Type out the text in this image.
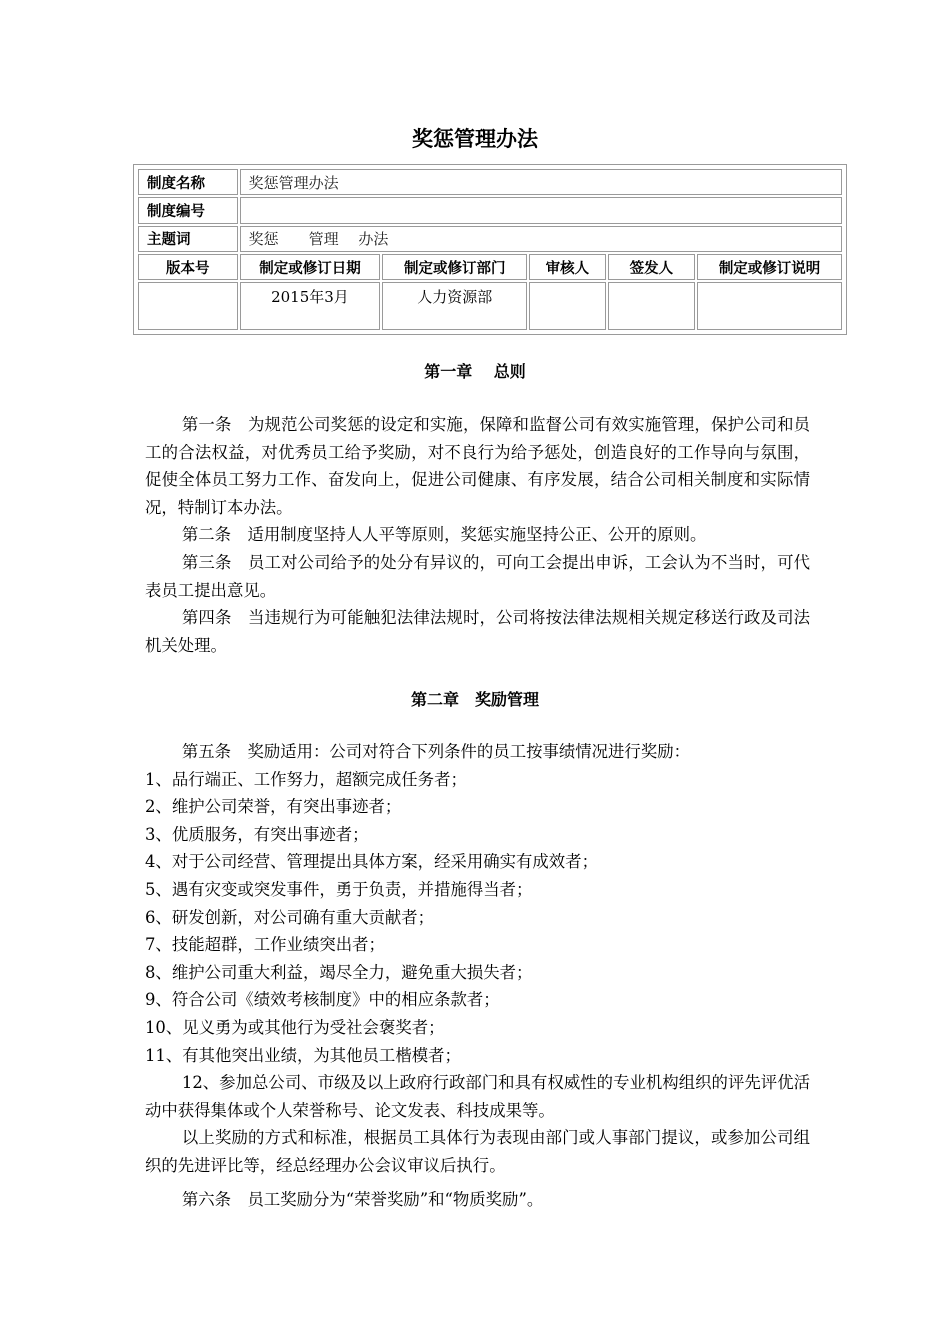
奖惩管理办法
制度名称	奖惩管理办法				
制度编号					
主题词	奖惩　　管理　 办法				
版本号	制定或修订日期	制定或修订部门	审核人	签发人	制定或修订说明
	2015年3月	人力资源部			
第一章　 总则

第一条　为规范公司奖惩的设定和实施，保障和监督公司有效实施管理，保护公司和员工的合法权益，对优秀员工给予奖励，对不良行为给予惩处，创造良好的工作导向与氛围，促使全体员工努力工作、奋发向上，促进公司健康、有序发展，结合公司相关制度和实际情况，特制订本办法。

第二条　适用制度坚持人人平等原则，奖惩实施坚持公正、公开的原则。

第三条　员工对公司给予的处分有异议的，可向工会提出申诉，工会认为不当时，可代表员工提出意见。

第四条　当违规行为可能触犯法律法规时，公司将按法律法规相关规定移送行政及司法机关处理。

第二章　奖励管理

第五条　奖励适用：公司对符合下列条件的员工按事绩情况进行奖励：

1、品行端正、工作努力，超额完成任务者；

2、维护公司荣誉，有突出事迹者；

3、优质服务，有突出事迹者；

4、对于公司经营、管理提出具体方案，经采用确实有成效者；

5、遇有灾变或突发事件，勇于负责，并措施得当者；

6、研发创新，对公司确有重大贡献者；

7、技能超群，工作业绩突出者；

8、维护公司重大利益，竭尽全力，避免重大损失者；

9、符合公司《绩效考核制度》中的相应条款者；

10、见义勇为或其他行为受社会褒奖者；

11、有其他突出业绩，为其他员工楷模者；

12、参加总公司、市级及以上政府行政部门和具有权威性的专业机构组织的评先评优活动中获得集体或个人荣誉称号、论文发表、科技成果等。

以上奖励的方式和标准，根据员工具体行为表现由部门或人事部门提议，或参加公司组织的先进评比等，经总经理办公会议审议后执行。

第六条　员工奖励分为“荣誉奖励”和“物质奖励”。
